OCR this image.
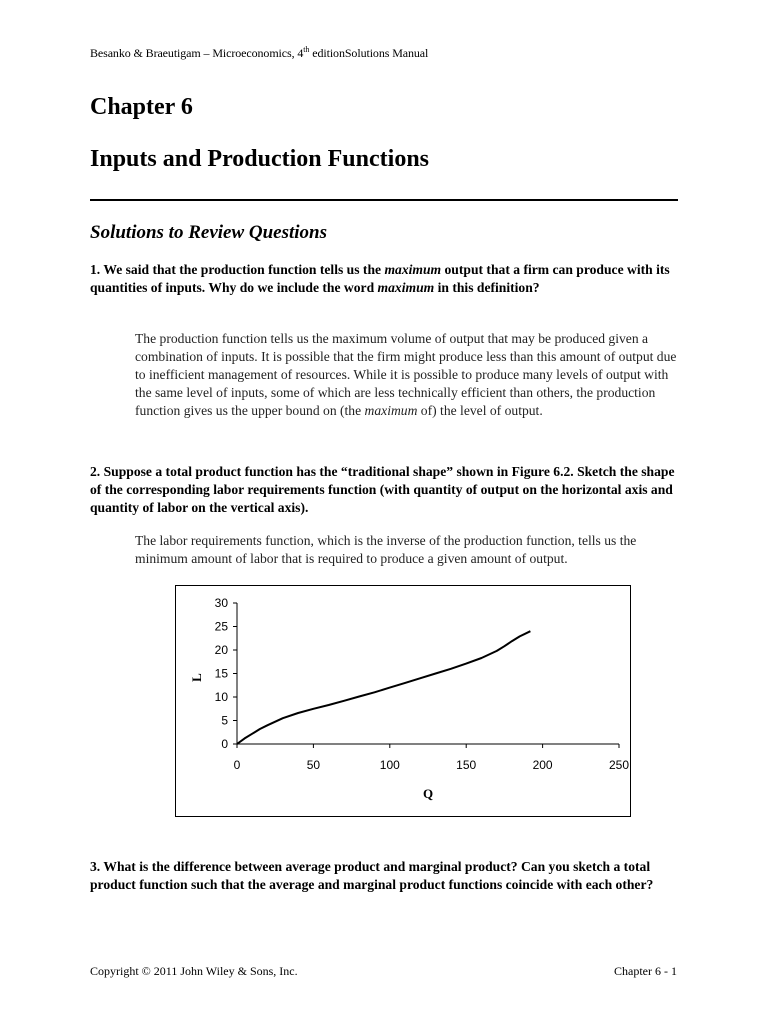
Besanko & Braeutigam – Microeconomics, 4th editionSolutions Manual
Chapter 6
Inputs and Production Functions
Solutions to Review Questions
1. We said that the production function tells us the maximum output that a firm can produce with its quantities of inputs. Why do we include the word maximum in this definition?
The production function tells us the maximum volume of output that may be produced given a combination of inputs. It is possible that the firm might produce less than this amount of output due to inefficient management of resources. While it is possible to produce many levels of output with the same level of inputs, some of which are less technically efficient than others, the production function gives us the upper bound on (the maximum of) the level of output.
2. Suppose a total product function has the “traditional shape” shown in Figure 6.2. Sketch the shape of the corresponding labor requirements function (with quantity of output on the horizontal axis and quantity of labor on the vertical axis).
The labor requirements function, which is the inverse of the production function, tells us the minimum amount of labor that is required to produce a given amount of output.
0
5
10
15
20
25
30
0	50	100	150	200	250
Q
L
3. What is the difference between average product and marginal product? Can you sketch a total product function such that the average and marginal product functions coincide with each other?
Copyright © 2011 John Wiley & Sons, Inc.	Chapter 6 - 1
